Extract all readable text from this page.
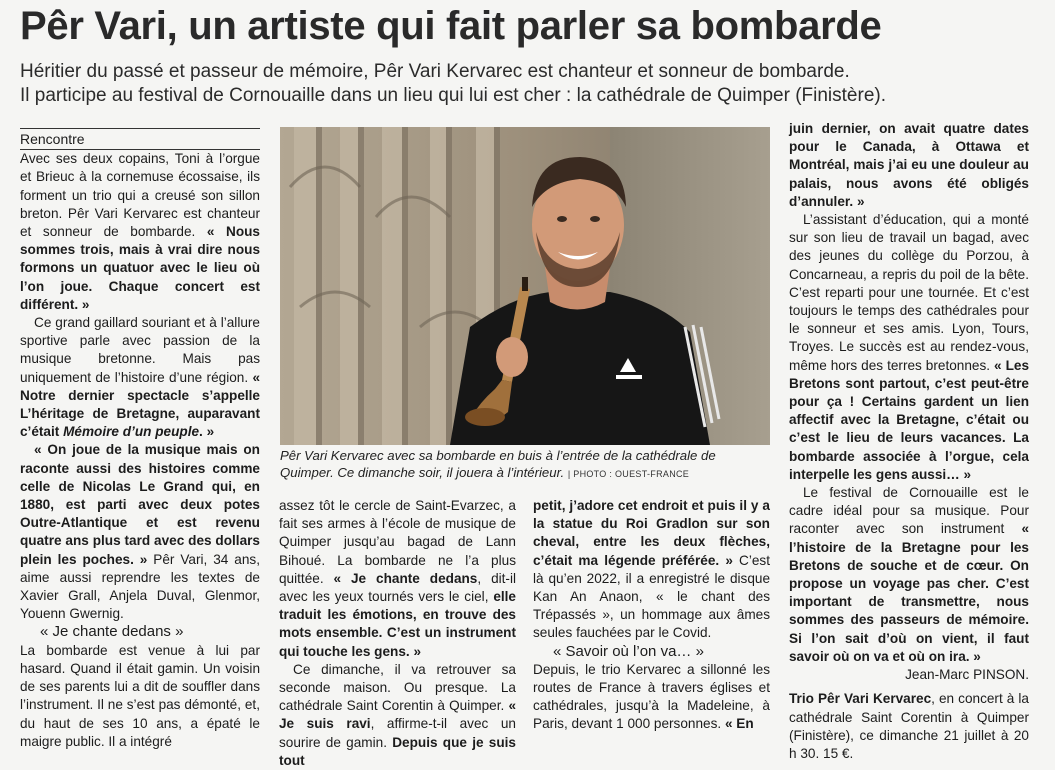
Pêr Vari, un artiste qui fait parler sa bombarde

Héritier du passé et passeur de mémoire, Pêr Vari Kervarec est chanteur et sonneur de bombarde.

Il participe au festival de Cornouaille dans un lieu qui lui est cher : la cathédrale de Quimper (Finistère).

Rencontre

Avec ses deux copains, Toni à l’orgue et Brieuc à la cornemuse écossaise, ils forment un trio qui a creusé son sillon breton. Pêr Vari Kervarec est chanteur et sonneur de bombarde. « Nous sommes trois, mais à vrai dire nous formons un quatuor avec le lieu où l’on joue. Chaque concert est différent. »

Ce grand gaillard souriant et à l’allure sportive parle avec passion de la musique bretonne. Mais pas uniquement de l’histoire d’une région. « Notre dernier spectacle s’appelle L’héritage de Bretagne, auparavant c’était Mémoire d’un peuple. »

« On joue de la musique mais on raconte aussi des histoires comme celle de Nicolas Le Grand qui, en 1880, est parti avec deux potes Outre-Atlantique et est revenu quatre ans plus tard avec des dollars plein les poches. » Pêr Vari, 34 ans, aime aussi reprendre les textes de Xavier Grall, Anjela Duval, Glenmor, Youenn Gwernig.

« Je chante dedans »

La bombarde est venue à lui par hasard. Quand il était gamin. Un voisin de ses parents lui a dit de souffler dans l’instrument. Il ne s’est pas démonté, et, du haut de ses 10 ans, a épaté le maigre public. Il a intégré

Pêr Vari Kervarec avec sa bombarde en buis à l’entrée de la cathédrale de Quimper. Ce dimanche soir, il jouera à l’intérieur. | PHOTO : OUEST-FRANCE

assez tôt le cercle de Saint-Evarzec, a fait ses armes à l’école de musique de Quimper jusqu’au bagad de Lann Bihoué. La bombarde ne l’a plus quittée. « Je chante dedans, dit-il avec les yeux tournés vers le ciel, elle traduit les émotions, en trouve des mots ensemble. C’est un instrument qui touche les gens. »

Ce dimanche, il va retrouver sa seconde maison. Ou presque. La cathédrale Saint Corentin à Quimper. « Je suis ravi, affirme-t-il avec un sourire de gamin. Depuis que je suis tout

petit, j’adore cet endroit et puis il y a la statue du Roi Gradlon sur son cheval, entre les deux flèches, c’était ma légende préférée. » C’est là qu’en 2022, il a enregistré le disque Kan An Anaon, « le chant des Trépassés », un hommage aux âmes seules fauchées par le Covid.

« Savoir où l’on va… »

Depuis, le trio Kervarec a sillonné les routes de France à travers églises et cathédrales, jusqu’à la Madeleine, à Paris, devant 1 000 personnes. « En

juin dernier, on avait quatre dates pour le Canada, à Ottawa et Montréal, mais j’ai eu une douleur au palais, nous avons été obligés d’annuler. »

L’assistant d’éducation, qui a monté sur son lieu de travail un bagad, avec des jeunes du collège du Porzou, à Concarneau, a repris du poil de la bête. C’est reparti pour une tournée. Et c’est toujours le temps des cathédrales pour le sonneur et ses amis. Lyon, Tours, Troyes. Le succès est au rendez-vous, même hors des terres bretonnes. « Les Bretons sont partout, c’est peut-être pour ça ! Certains gardent un lien affectif avec la Bretagne, c’était ou c’est le lieu de leurs vacances. La bombarde associée à l’orgue, cela interpelle les gens aussi… »

Le festival de Cornouaille est le cadre idéal pour sa musique. Pour raconter avec son instrument « l’histoire de la Bretagne pour les Bretons de souche et de cœur. On propose un voyage pas cher. C’est important de transmettre, nous sommes des passeurs de mémoire. Si l’on sait d’où on vient, il faut savoir où on va et où on ira. »

Jean-Marc PINSON.

Trio Pêr Vari Kervarec, en concert à la cathédrale Saint Corentin à Quimper (Finistère), ce dimanche 21 juillet à 20 h 30. 15 €.
